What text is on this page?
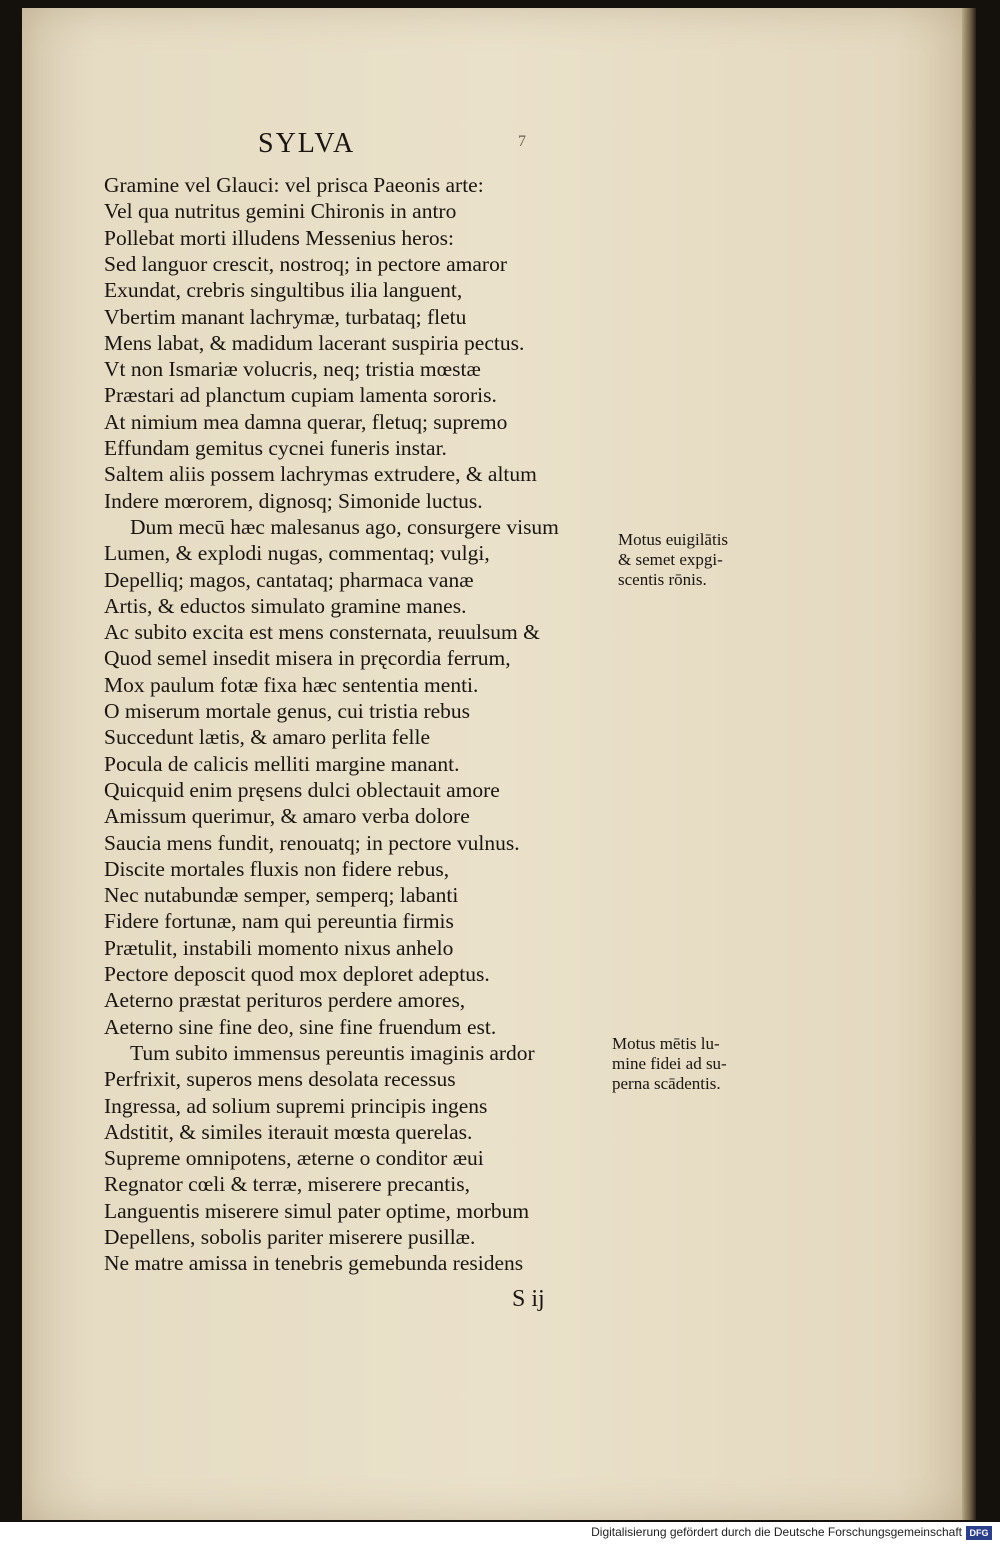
SYLVA	7
Gramine vel Glauci: vel prisca Paeonis arte:
Vel qua nutritus gemini Chironis in antro
Pollebat morti illudens Messenius heros:
Sed languor crescit, nostroq; in pectore amaror
Exundat, crebris singultibus ilia languent,
Vbertim manant lachrymæ, turbataq; fletu
Mens labat, & madidum lacerant suspiria pectus.
Vt non Ismariæ volucris, neq; tristia mœstæ
Præstari ad planctum cupiam lamenta sororis.
At nimium mea damna querar, fletuq; supremo
Effundam gemitus cycnei funeris instar.
Saltem aliis possem lachrymas extrudere, & altum
Indere mœrorem, dignosq; Simonide luctus.
Dum mecū hæc malesanus ago, consurgere visum
Lumen, & explodi nugas, commentaq; vulgi,
Depelliq; magos, cantataq; pharmaca vanæ
Artis, & eductos simulato gramine manes.
Ac subito excita est mens consternata, reuulsum &
Quod semel insedit misera in pręcordia ferrum,
Mox paulum fotæ fixa hæc sententia menti.
O miserum mortale genus, cui tristia rebus
Succedunt lætis, & amaro perlita felle
Pocula de calicis melliti margine manant.
Quicquid enim pręsens dulci oblectauit amore
Amissum querimur, & amaro verba dolore
Saucia mens fundit, renouatq; in pectore vulnus.
Discite mortales fluxis non fidere rebus,
Nec nutabundæ semper, semperq; labanti
Fidere fortunæ, nam qui pereuntia firmis
Prætulit, instabili momento nixus anhelo
Pectore deposcit quod mox deploret adeptus.
Aeterno præstat perituros perdere amores,
Aeterno sine fine deo, sine fine fruendum est.
Tum subito immensus pereuntis imaginis ardor
Perfrixit, superos mens desolata recessus
Ingressa, ad solium supremi principis ingens
Adstitit, & similes iterauit mœsta querelas.
Supreme omnipotens, æterne o conditor æui
Regnator cœli & terræ, miserere precantis,
Languentis miserere simul pater optime, morbum
Depellens, sobolis pariter miserere pusillæ.
Ne matre amissa in tenebris gemebunda residens
Motus euigilātis
& semet expgi-
scentis rōnis.
Motus mētis lu-
mine fidei ad su-
perna scādentis.
S ij
Digitalisierung gefördert durch die Deutsche Forschungsgemeinschaft DFG
